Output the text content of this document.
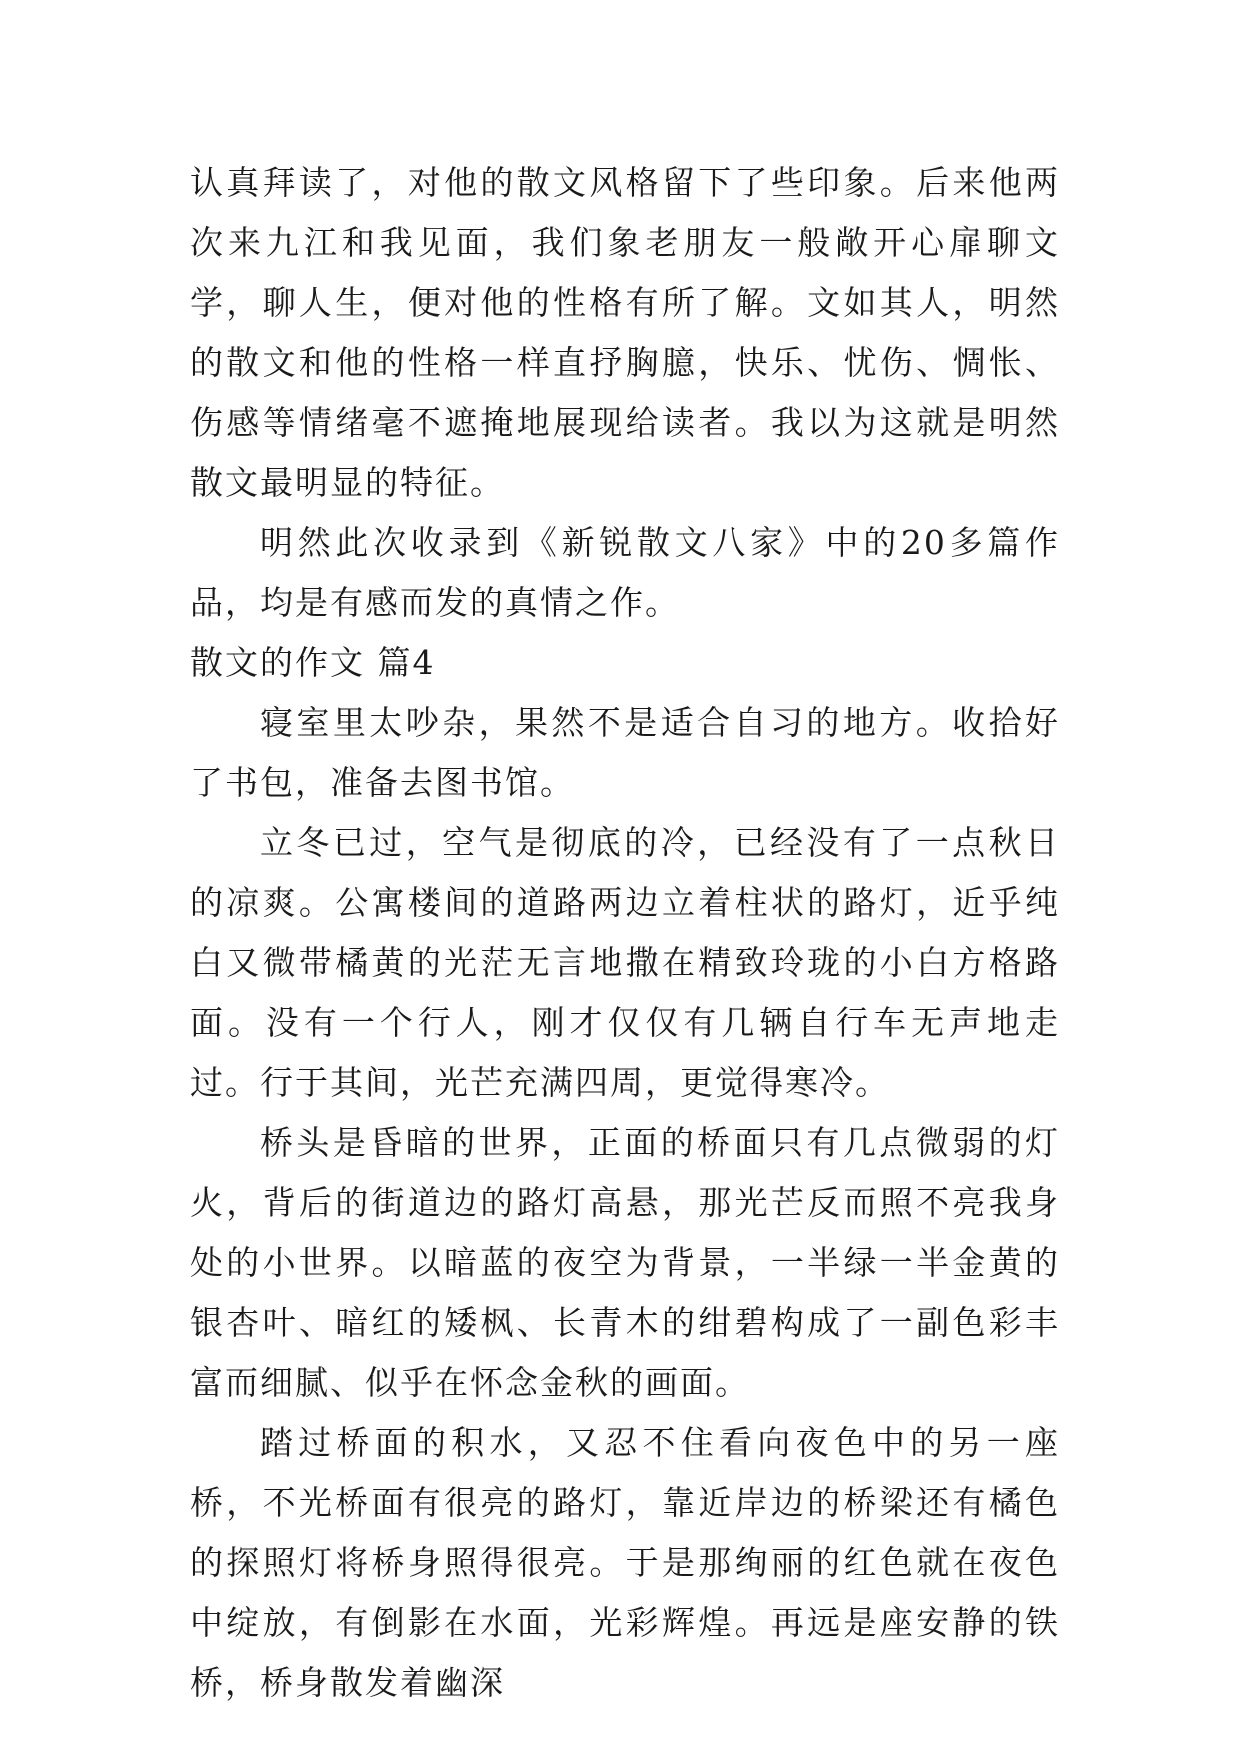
认真拜读了，对他的散文风格留下了些印象。后来他两次来九江和我见面，我们象老朋友一般敞开心扉聊文学，聊人生，便对他的性格有所了解。文如其人，明然的散文和他的性格一样直抒胸臆，快乐、忧伤、惆怅、伤感等情绪毫不遮掩地展现给读者。我以为这就是明然散文最明显的特征。

明然此次收录到《新锐散文八家》中的20多篇作品，均是有感而发的真情之作。

散文的作文 篇4

寝室里太吵杂，果然不是适合自习的地方。收拾好了书包，准备去图书馆。

立冬已过，空气是彻底的冷，已经没有了一点秋日的凉爽。公寓楼间的道路两边立着柱状的路灯，近乎纯白又微带橘黄的光茫无言地撒在精致玲珑的小白方格路面。没有一个行人，刚才仅仅有几辆自行车无声地走过。行于其间，光芒充满四周，更觉得寒冷。

桥头是昏暗的世界，正面的桥面只有几点微弱的灯火，背后的街道边的路灯高悬，那光芒反而照不亮我身处的小世界。以暗蓝的夜空为背景，一半绿一半金黄的银杏叶、暗红的矮枫、长青木的绀碧构成了一副色彩丰富而细腻、似乎在怀念金秋的画面。

踏过桥面的积水，又忍不住看向夜色中的另一座桥，不光桥面有很亮的路灯，靠近岸边的桥梁还有橘色的探照灯将桥身照得很亮。于是那绚丽的红色就在夜色中绽放，有倒影在水面，光彩辉煌。再远是座安静的铁桥，桥身散发着幽深
